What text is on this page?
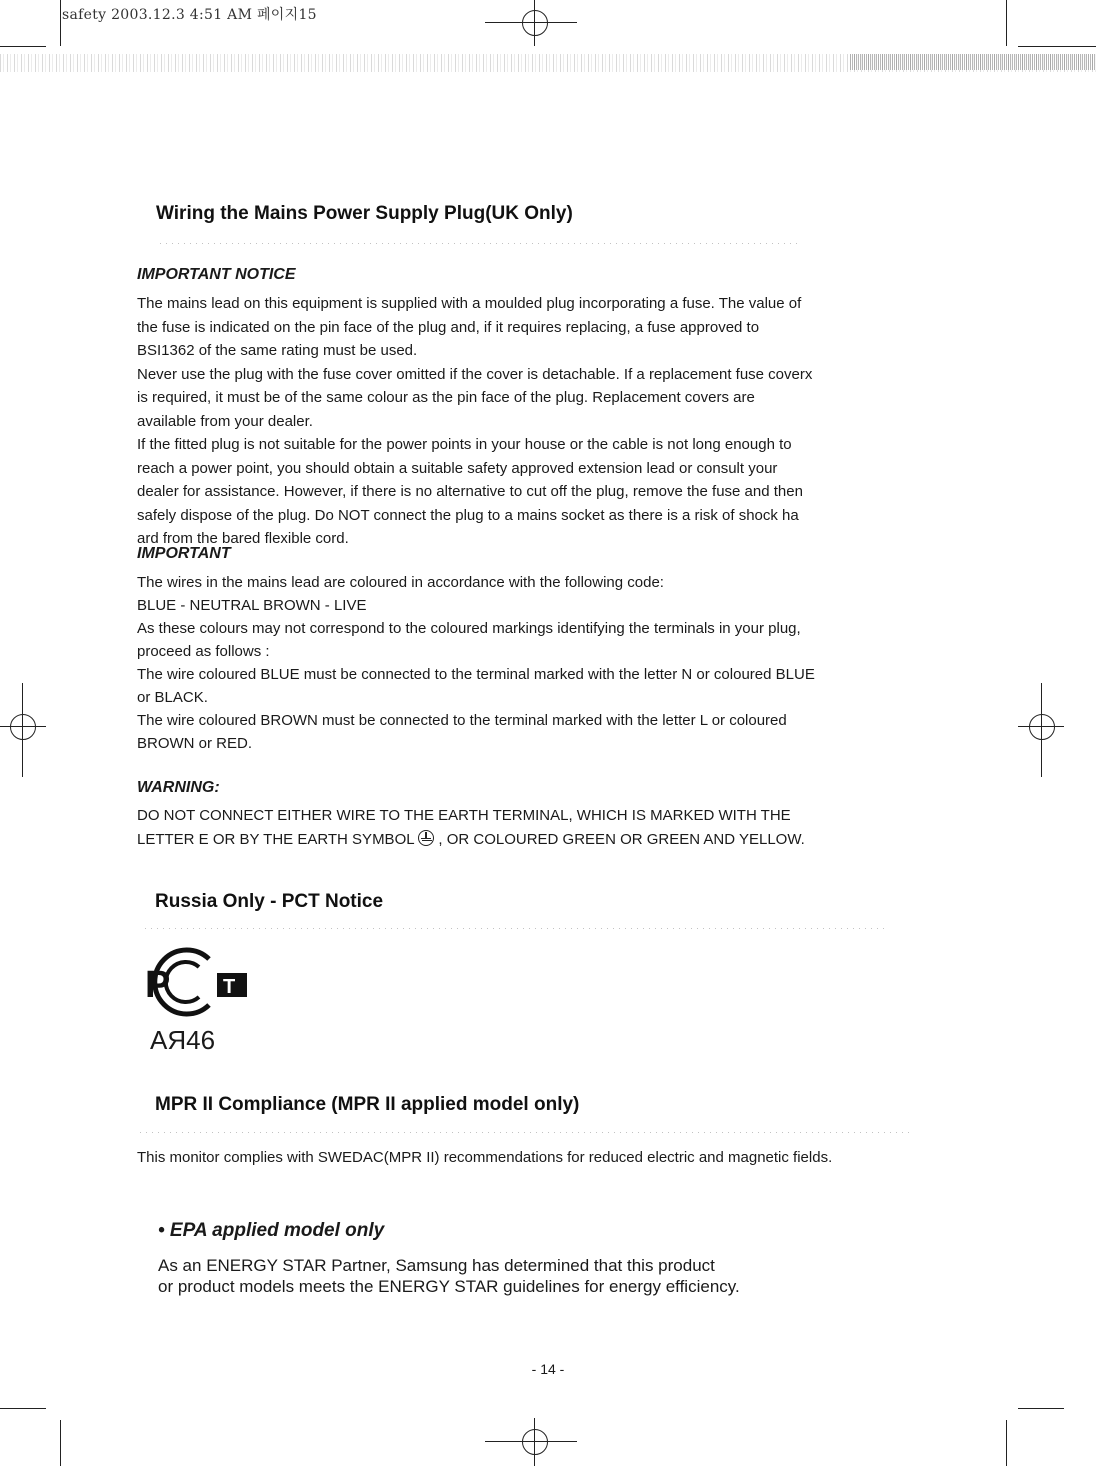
safety 2003.12.3 4:51 AM 페이지15
Wiring the Mains Power Supply Plug(UK Only)
IMPORTANT NOTICE

The mains lead on this equipment is supplied with a moulded plug incorporating a fuse. The value of

the fuse is indicated on the pin face of the plug and, if it requires replacing, a fuse approved to

BSI1362 of the same rating must be used.

Never use the plug with the fuse cover omitted if the cover is detachable. If a replacement fuse coverx

is required, it must be of the same colour as the pin face of the plug. Replacement covers are

available from your dealer.

If the fitted plug is not suitable for the power points in your house or the cable is not long enough to

reach a power point, you should obtain a suitable safety approved extension lead or consult your

dealer for assistance. However, if there is no alternative to cut off the plug, remove the fuse and then

safely dispose of the plug. Do NOT connect the plug to a mains socket as there is a risk of shock ha

ard from the bared flexible cord.

IMPORTANT

The wires in the mains lead are coloured in accordance with the following code:

BLUE - NEUTRAL BROWN - LIVE

As these colours may not correspond to the coloured markings identifying the terminals in your plug,

proceed as follows :

The wire coloured BLUE must be connected to the terminal marked with the letter N or coloured BLUE

or BLACK.

The wire coloured BROWN must be connected to the terminal marked with the letter L or coloured

BROWN or RED.

WARNING:

DO NOT CONNECT EITHER WIRE TO THE EARTH TERMINAL, WHICH IS MARKED WITH THE

LETTER E OR BY THE EARTH SYMBOL , OR COLOURED GREEN OR GREEN AND YELLOW.

Russia Only - PCT Notice
P	T
AЯ46
MPR II Compliance (MPR II applied model only)
This monitor complies with SWEDAC(MPR II) recommendations for reduced electric and magnetic fields.
• EPA applied model only
As an ENERGY STAR Partner, Samsung has determined that this product
or product models meets the ENERGY STAR guidelines for energy efficiency.
- 14 -
